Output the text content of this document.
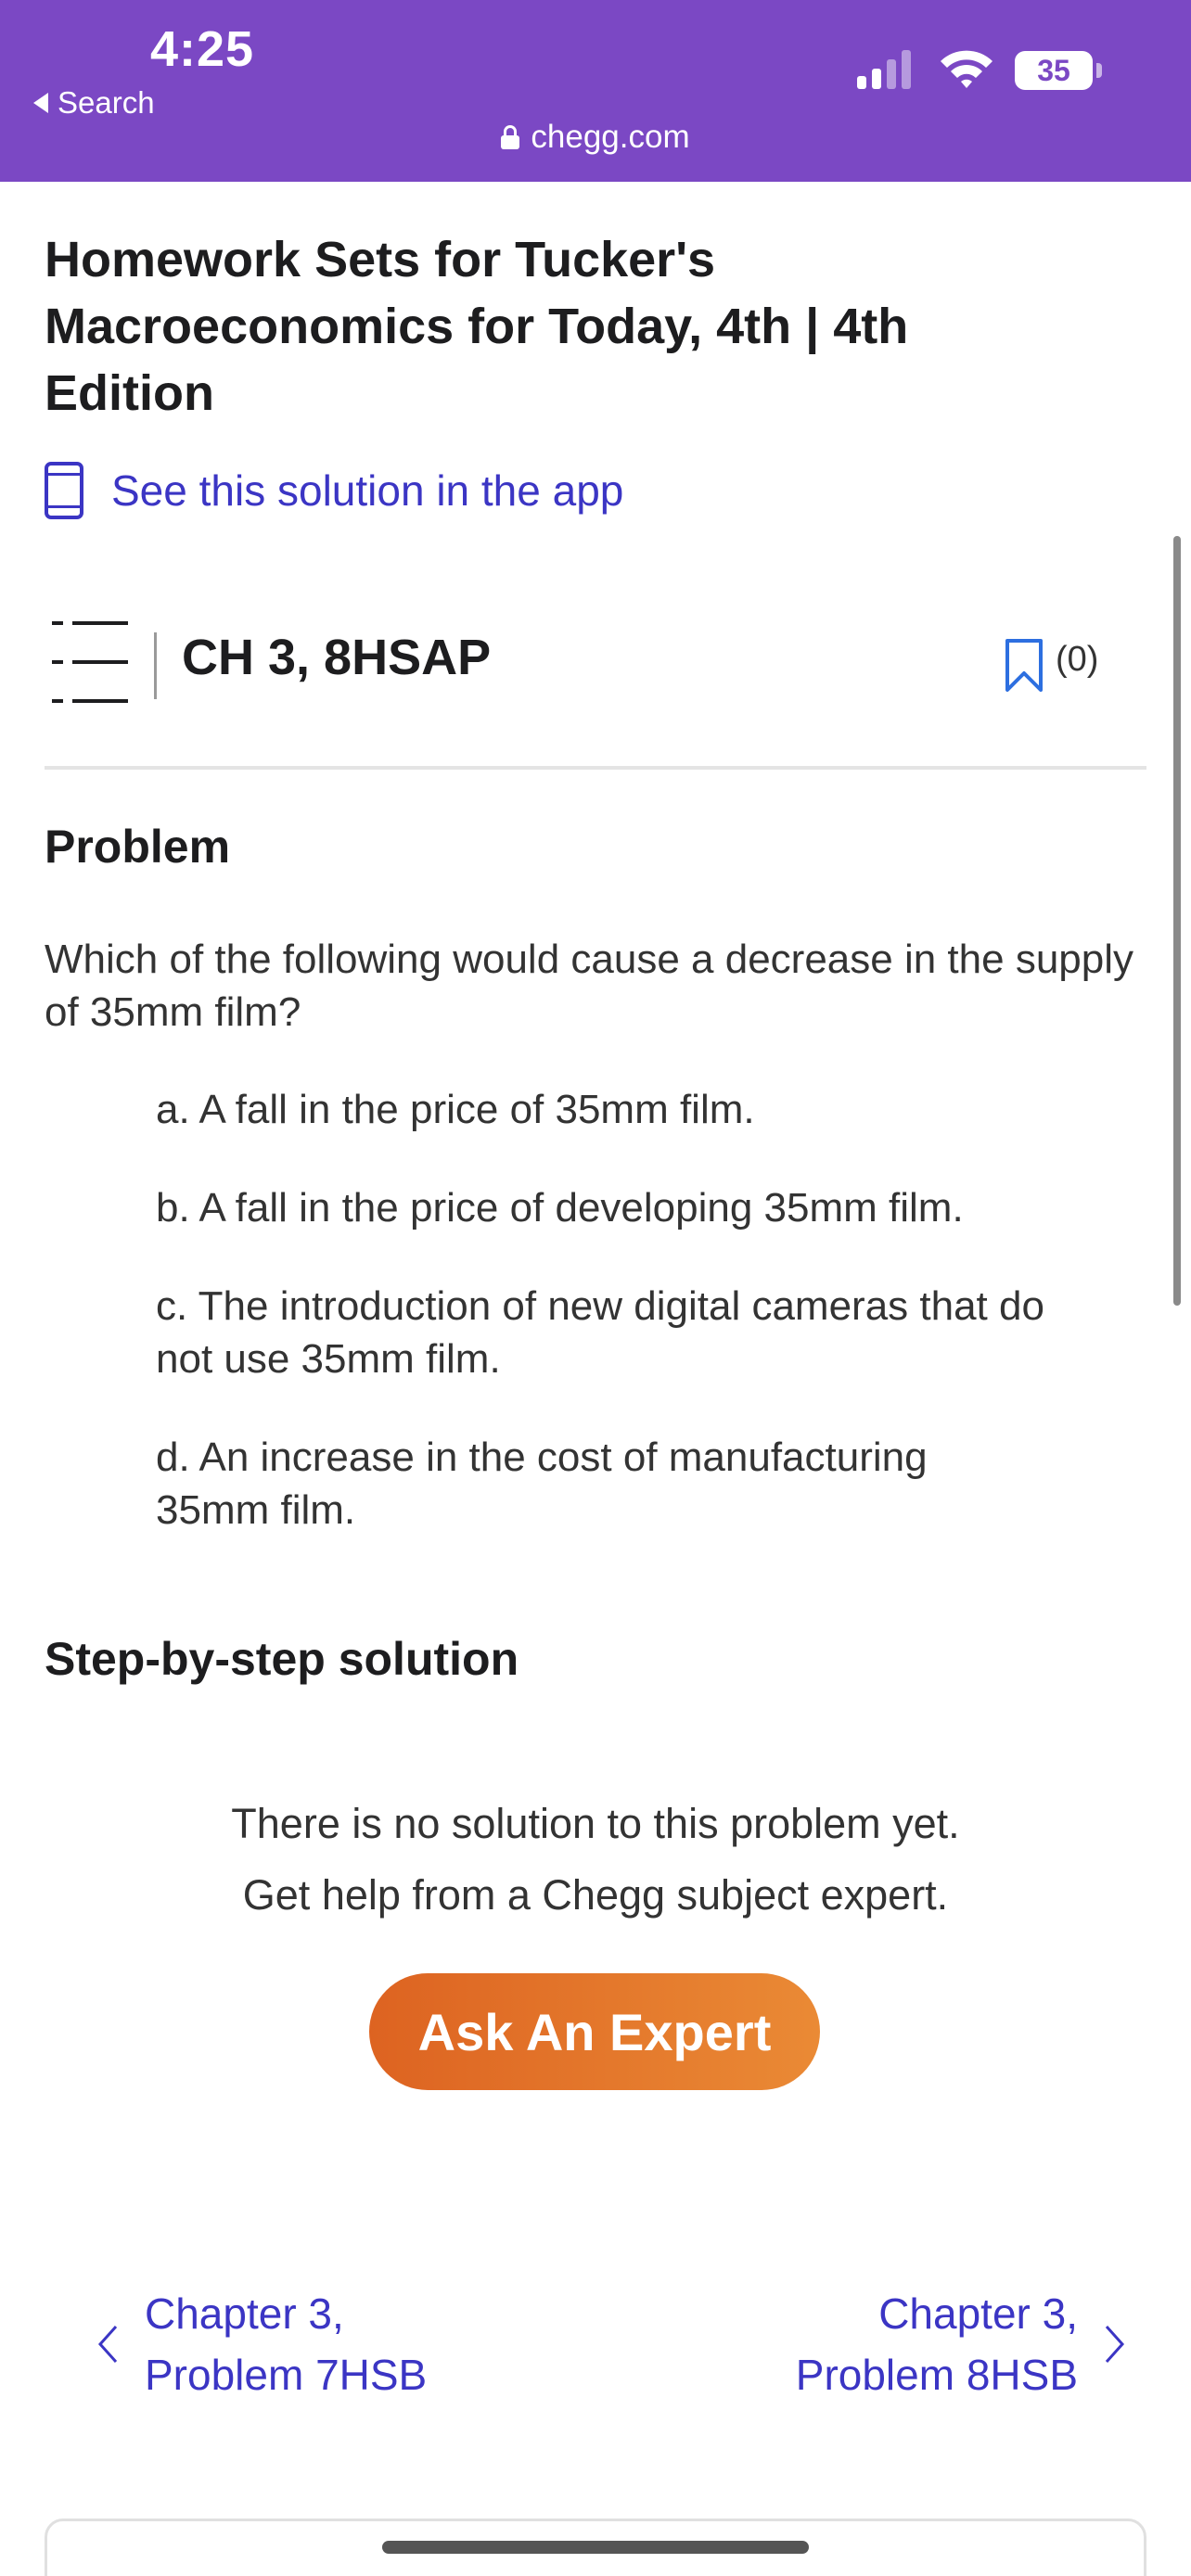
4:25
Search
35
chegg.com
Homework Sets for Tucker's Macroeconomics for Today, 4th | 4th Edition
See this solution in the app
CH 3, 8HSAP	(0)
Problem

Which of the following would cause a decrease in the supply of 35mm film?

a. A fall in the price of 35mm film.
b. A fall in the price of developing 35mm film.
c. The introduction of new digital cameras that do not use 35mm film.
d. An increase in the cost of manufacturing 35mm film.
Step-by-step solution
There is no solution to this problem yet.
Get help from a Chegg subject expert.
Ask An Expert
Chapter 3,
Problem 7HSB
Chapter 3,
Problem 8HSB
